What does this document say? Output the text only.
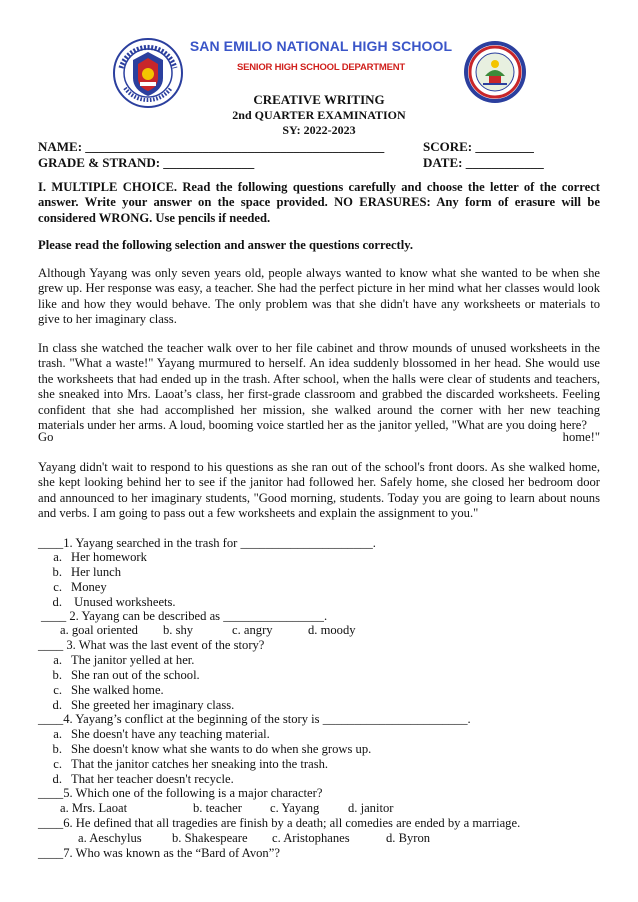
SAN EMILIO NATIONAL HIGH SCHOOL
SENIOR HIGH SCHOOL DEPARTMENT
CREATIVE WRITING
2nd QUARTER EXAMINATION
SY: 2022-2023
NAME: ______________________________________________	SCORE: _________
GRADE & STRAND: ______________	DATE: ____________
I. MULTIPLE CHOICE. Read the following questions carefully and choose the letter of the correct answer. Write your answer on the space provided. NO ERASURES: Any form of erasure will be considered WRONG. Use pencils if needed.
Please read the following selection and answer the questions correctly.
Although Yayang was only seven years old, people always wanted to know what she wanted to be when she grew up. Her response was easy, a teacher. She had the perfect picture in her mind what her classes would look like and how they would behave. The only problem was that she didn't have any worksheets or materials to give to her imaginary class.
In class she watched the teacher walk over to her file cabinet and throw mounds of unused worksheets in the trash. "What a waste!" Yayang murmured to herself. An idea suddenly blossomed in her head. She would use the worksheets that had ended up in the trash. After school, when the halls were clear of students and teachers, she sneaked into Mrs. Laoat’s class, her first-grade classroom and grabbed the discarded worksheets. Feeling confident that she had accomplished her mission, she walked around the corner with her new teaching materials under her arms. A loud, booming voice startled her as the janitor yelled, "What are you doing here?
Go	home!"
Yayang didn't wait to respond to his questions as she ran out of the school's front doors. As she walked home, she kept looking behind her to see if the janitor had followed her. Safely home, she closed her bedroom door and announced to her imaginary students, "Good morning, students. Today you are going to learn about nouns and verbs. I am going to pass out a few worksheets and explain the assignment to you."
____1. Yayang searched in the trash for _____________________.
a. Her homework
b. Her lunch
c. Money
d. Unused worksheets.
____ 2. Yayang can be described as ________________.
a. goal oriented b. shy	c. angry	d. moody
____ 3. What was the last event of the story?
a. The janitor yelled at her.
b. She ran out of the school.
c. She walked home.
d. She greeted her imaginary class.
____4. Yayang’s conflict at the beginning of the story is _______________________.
a. She doesn't have any teaching material.
b. She doesn't know what she wants to do when she grows up.
c. That the janitor catches her sneaking into the trash.
d. That her teacher doesn't recycle.
____5. Which one of the following is a major character?
a. Mrs. Laoat	b. teacher c. Yayang d. janitor
____6. He defined that all tragedies are finish by a death; all comedies are ended by a marriage.
a. Aeschylus b. Shakespeare c. Aristophanes	d. Byron
____7. Who was known as the “Bard of Avon”?
